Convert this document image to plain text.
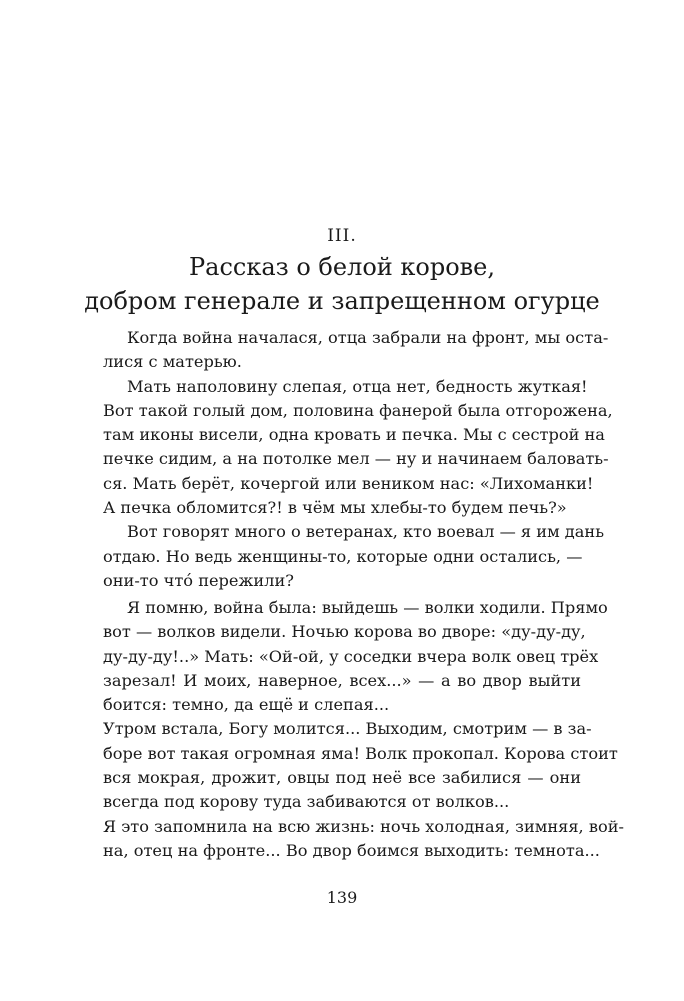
III.
Рассказ о белой корове,
добром генерале и запрещенном огурце
Когда война началася, отца забрали на фронт, мы оста-
лися с матерью.
Мать наполовину слепая, отца нет, бедность жуткая!
Вот такой голый дом, половина фанерой была отгорожена,
там иконы висели, одна кровать и печка. Мы с сестрой на
печке сидим, а на потолке мел — ну и начинаем баловать-
ся. Мать берёт, кочергой или веником нас: «Лихоманки!
А печка обломится?! в чём мы хлебы-то будем печь?»
Вот говорят много о ветеранах, кто воевал — я им дань
отдаю. Но ведь женщины-то, которые одни остались, —
они-то что́ пережили?
Я помню, война была: выйдешь — волки ходили. Прямо
вот — волков видели. Ночью корова во дворе: «ду-ду-ду,
ду-ду-ду!..» Мать: «Ой-ой, у соседки вчера волк овец трёх
зарезал! И моих, наверное, всех...» — а во двор выйти
боится: темно, да ещё и слепая...
Утром встала, Богу молится... Выходим, смотрим — в за-
боре вот такая огромная яма! Волк прокопал. Корова стоит
вся мокрая, дрожит, овцы под неё все забилися — они
всегда под корову туда забиваются от волков...
Я это запомнила на всю жизнь: ночь холодная, зимняя, вой-
на, отец на фронте... Во двор боимся выходить: темнота...
139
